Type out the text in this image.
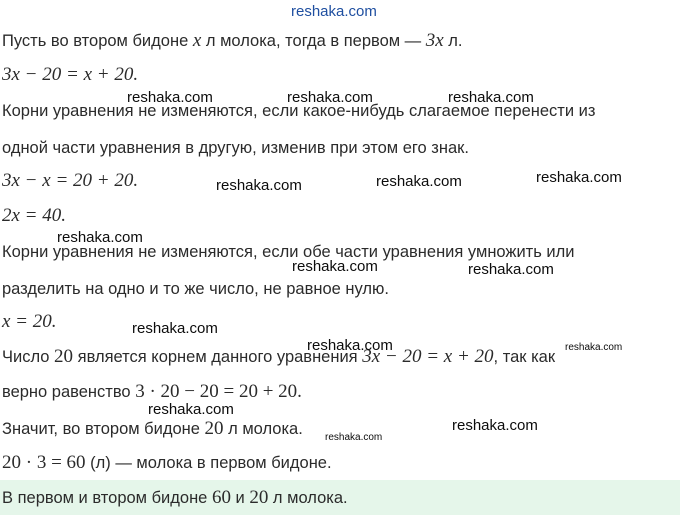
reshaka.com
Пусть во втором бидоне x л молока, тогда в первом — 3x л.
3x − 20 = x + 20.
Корни уравнения не изменяются, если какое-нибудь слагаемое перенести из
одной части уравнения в другую, изменив при этом его знак.
3x − x = 20 + 20.
2x = 40.
Корни уравнения не изменяются, если обе части уравнения умножить или
разделить на одно и то же число, не равное нулю.
x = 20.
Число 20 является корнем данного уравнения 3x − 20 = x + 20, так как
верно равенство 3 · 20 − 20 = 20 + 20.
Значит, во втором бидоне 20 л молока.
20 · 3 = 60 (л) — молока в первом бидоне.
В первом и втором бидоне 60 и 20 л молока.
reshaka.com	reshaka.com	reshaka.com
reshaka.com	reshaka.com	reshaka.com
reshaka.com
reshaka.com	reshaka.com
reshaka.com
reshaka.com	reshaka.com
reshaka.com
reshaka.com
reshaka.com
